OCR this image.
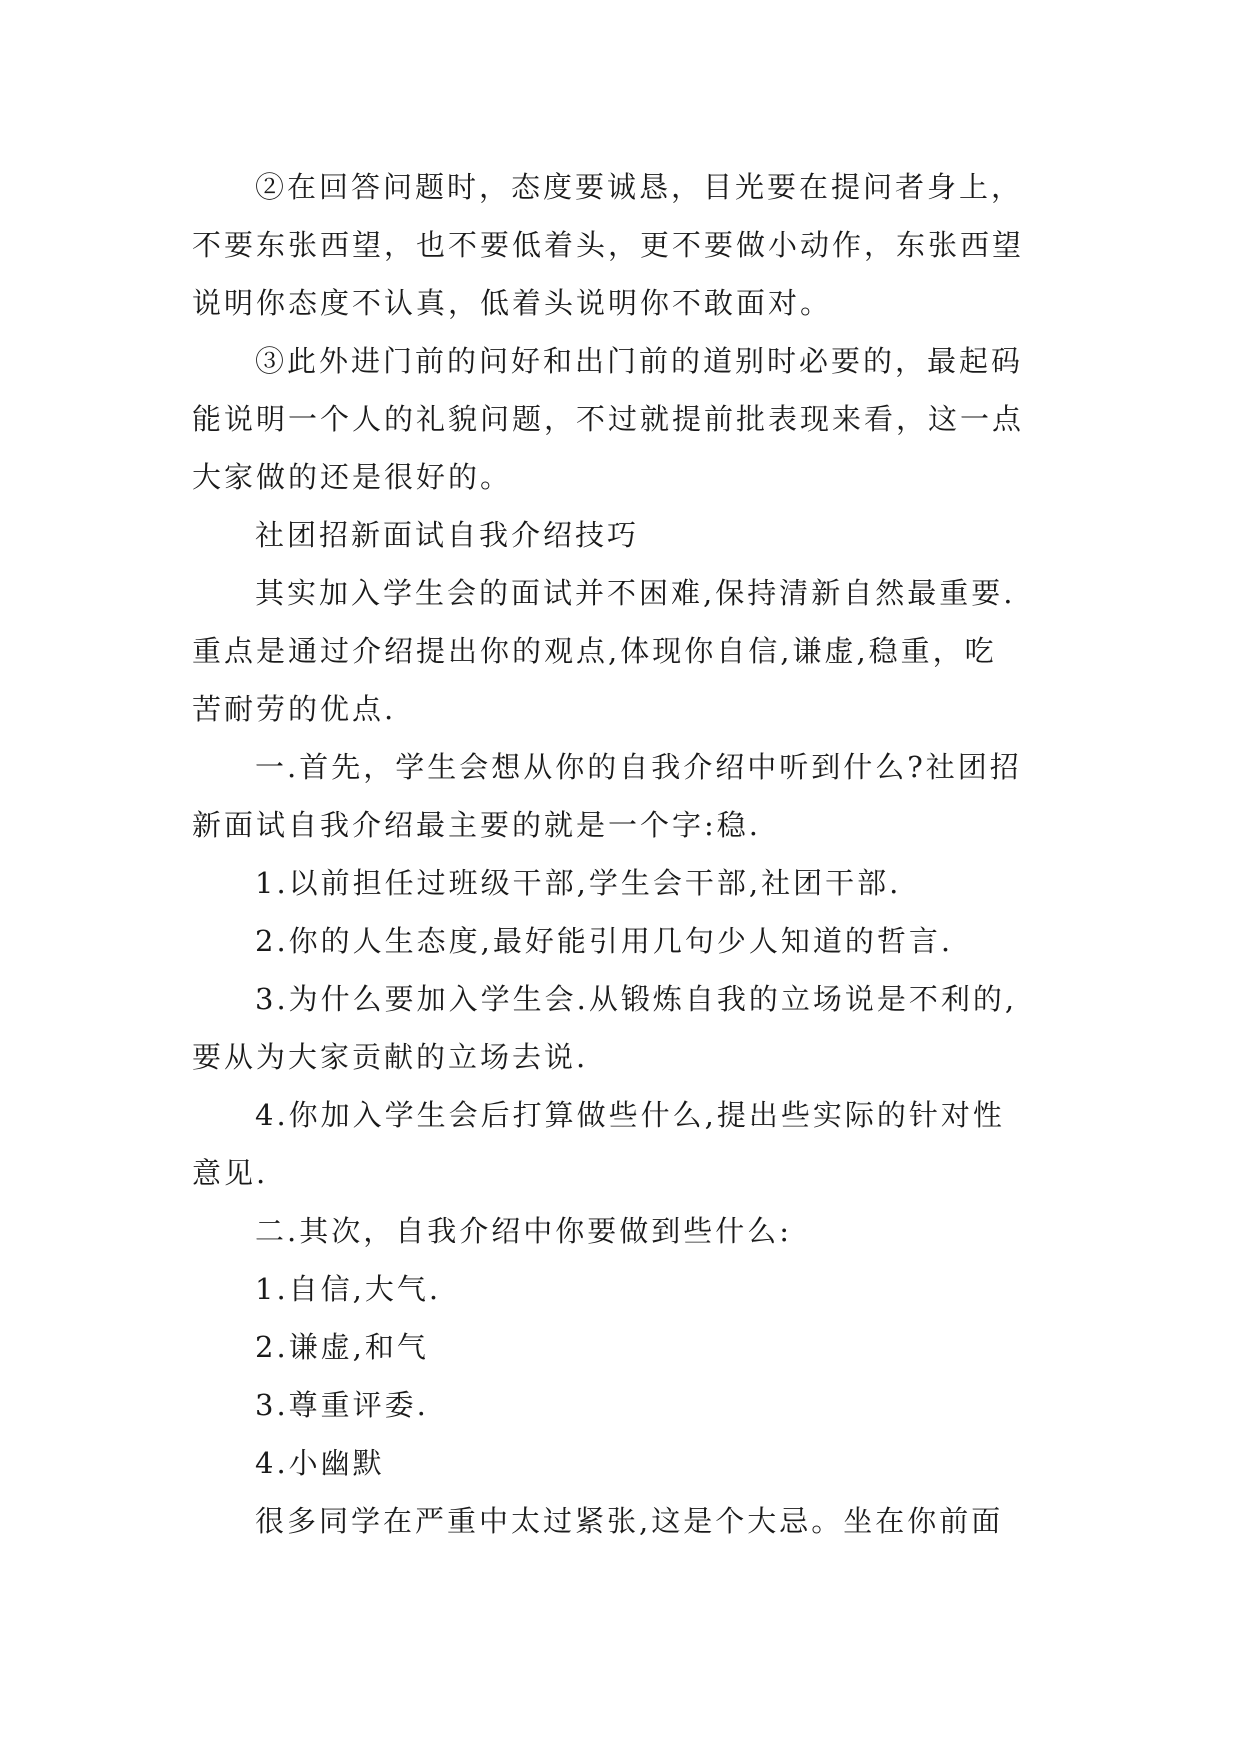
②在回答问题时，态度要诚恳，目光要在提问者身上，
不要东张西望，也不要低着头，更不要做小动作，东张西望
说明你态度不认真，低着头说明你不敢面对。
③此外进门前的问好和出门前的道别时必要的，最起码
能说明一个人的礼貌问题，不过就提前批表现来看，这一点
大家做的还是很好的。
社团招新面试自我介绍技巧
其实加入学生会的面试并不困难,保持清新自然最重要.
重点是通过介绍提出你的观点,体现你自信,谦虚,稳重，吃
苦耐劳的优点.
一.首先，学生会想从你的自我介绍中听到什么?社团招
新面试自我介绍最主要的就是一个字:稳.
1.以前担任过班级干部,学生会干部,社团干部.
2.你的人生态度,最好能引用几句少人知道的哲言.
3.为什么要加入学生会.从锻炼自我的立场说是不利的,
要从为大家贡献的立场去说.
4.你加入学生会后打算做些什么,提出些实际的针对性
意见.
二.其次，自我介绍中你要做到些什么:
1.自信,大气.
2.谦虚,和气
3.尊重评委.
4.小幽默
很多同学在严重中太过紧张,这是个大忌。坐在你前面
